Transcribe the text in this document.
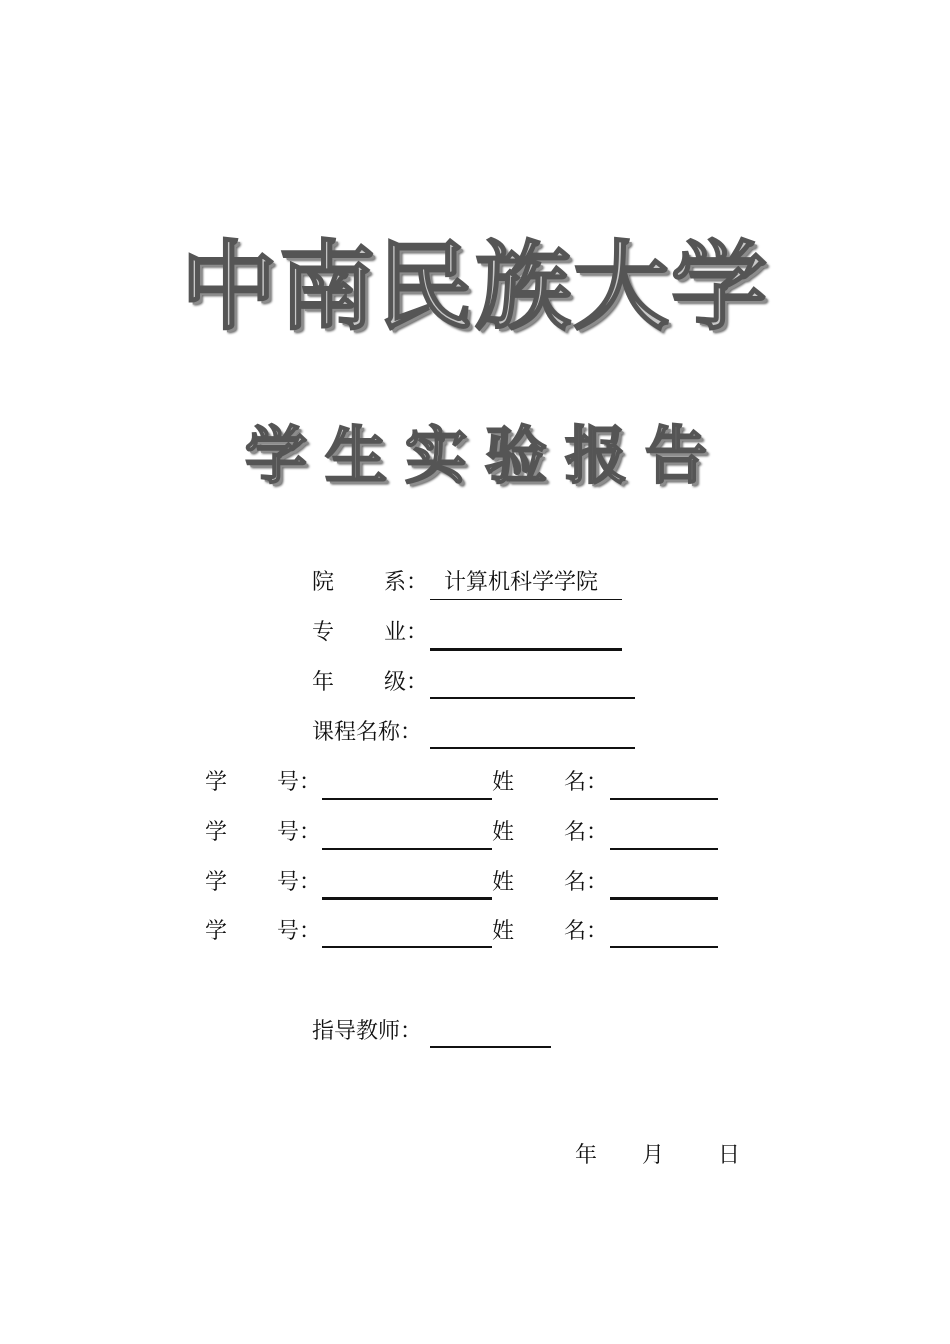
中南民族大学
学生实验报告
院 系： 计算机科学学院
专 业：
年 级：
课程名称：
学 号：	姓 名：
学 号：	姓 名：
学 号：	姓 名：
学 号：	姓 名：
指导教师：
年 月 日
